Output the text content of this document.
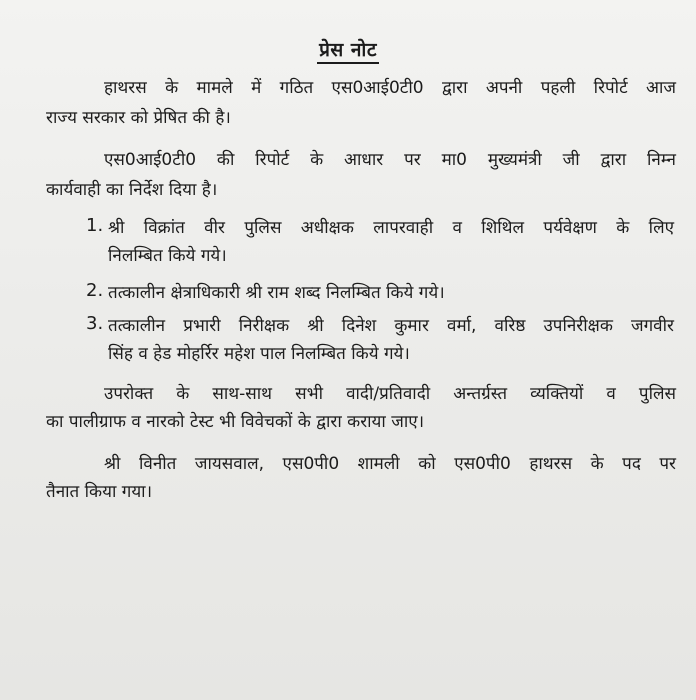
प्रेस नोट
हाथरस के मामले में गठित एस0आई0टी0 द्वारा अपनी पहली रिपोर्ट आज
राज्य सरकार को प्रेषित की है।
एस0आई0टी0 की रिपोर्ट के आधार पर मा0 मुख्यमंत्री जी द्वारा निम्न
कार्यवाही का निर्देश दिया है।
1. श्री विक्रांत वीर पुलिस अधीक्षक लापरवाही व शिथिल पर्यवेक्षण के लिए
निलम्बित किये गये।
2. तत्कालीन क्षेत्राधिकारी श्री राम शब्द निलम्बित किये गये।
3. तत्कालीन प्रभारी निरीक्षक श्री दिनेश कुमार वर्मा, वरिष्ठ उपनिरीक्षक जगवीर
सिंह व हेड मोहर्रिर महेश पाल निलम्बित किये गये।
उपरोक्त के साथ-साथ सभी वादी/प्रतिवादी अन्तर्ग्रस्त व्यक्तियों व पुलिस
का पालीग्राफ व नारको टेस्ट भी विवेचकों के द्वारा कराया जाए।
श्री विनीत जायसवाल, एस0पी0 शामली को एस0पी0 हाथरस के पद पर
तैनात किया गया।
